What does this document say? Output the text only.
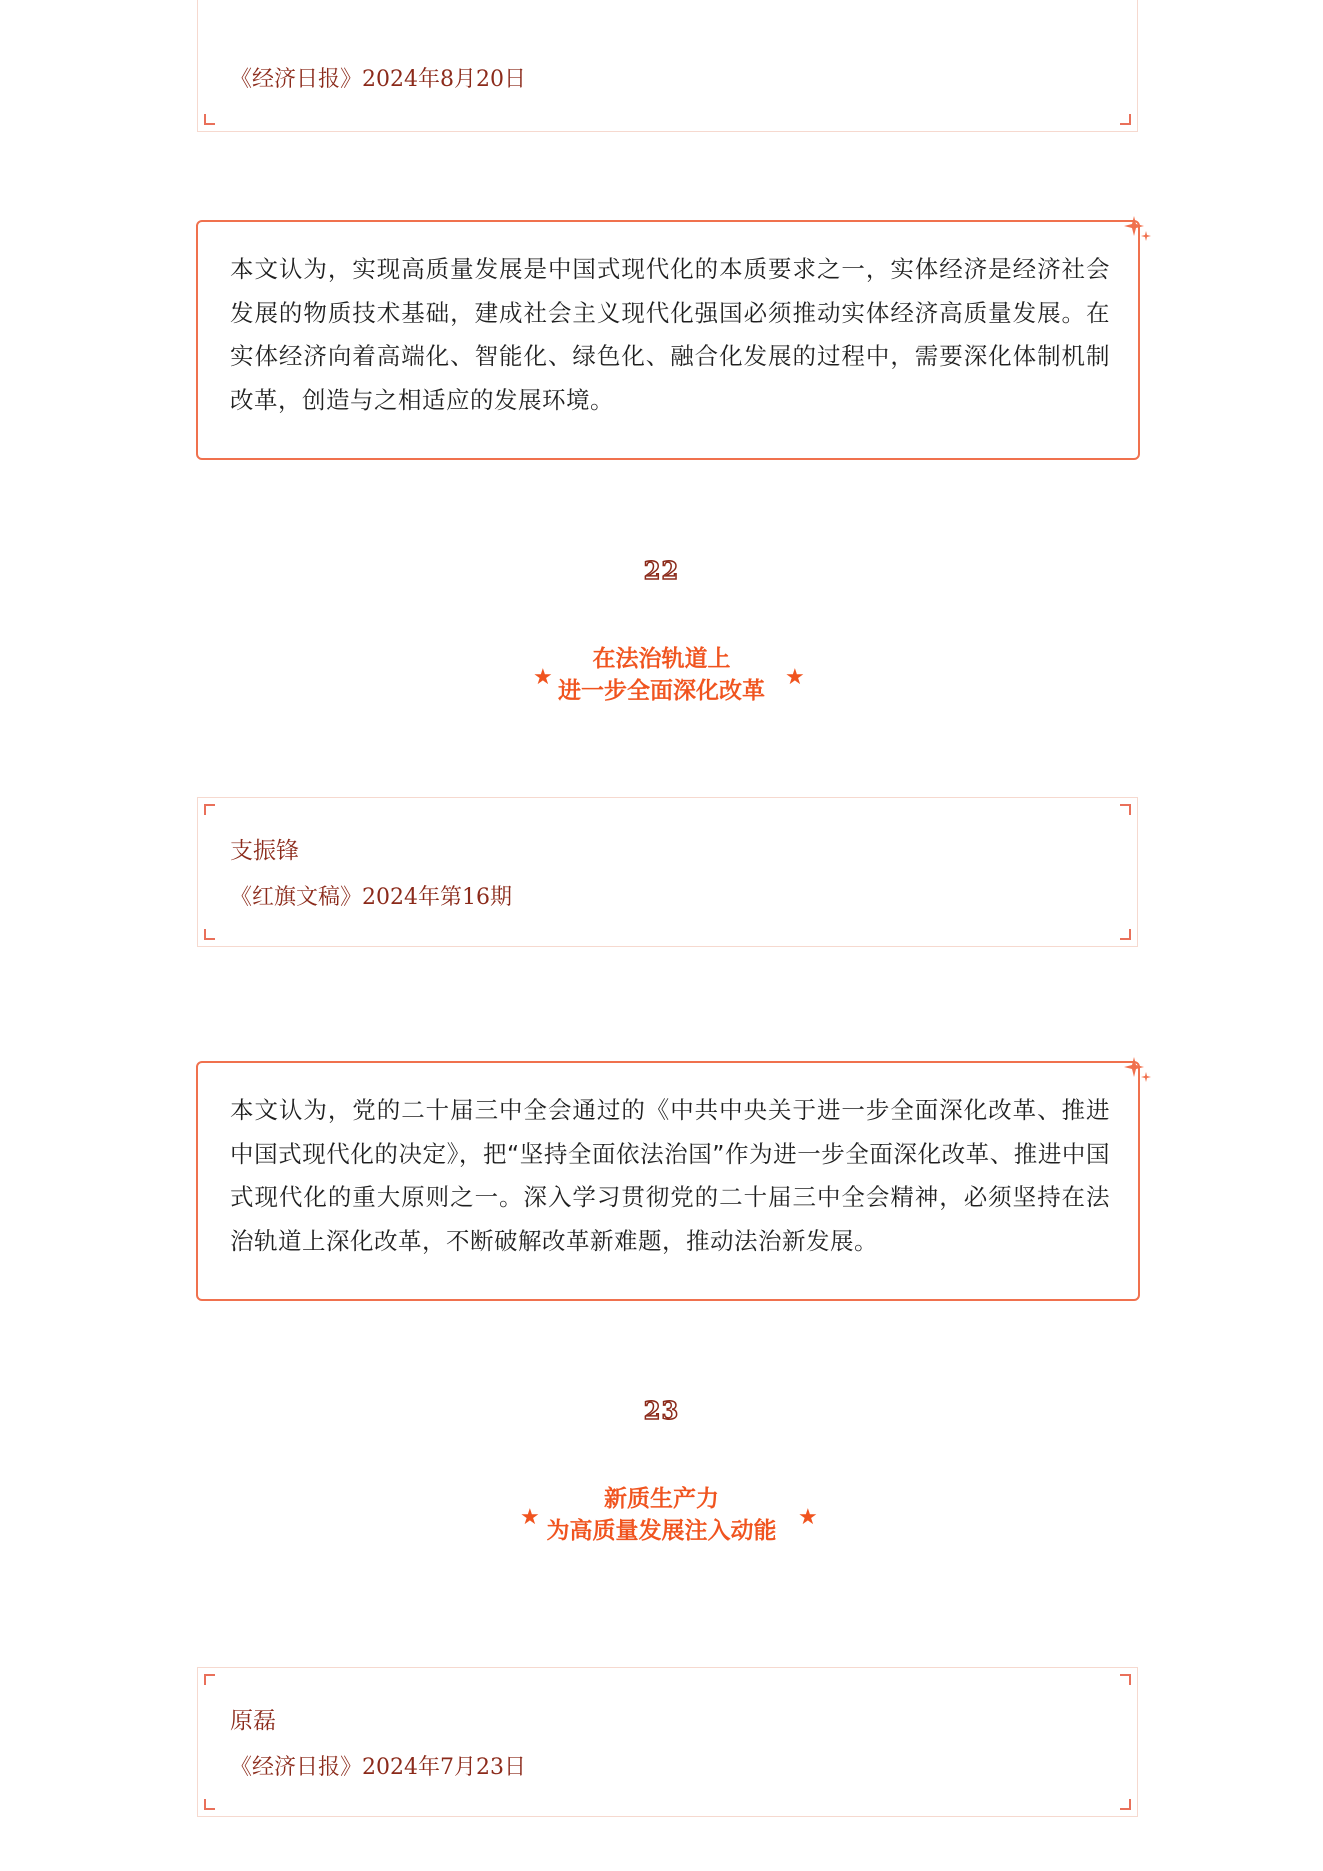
《经济日报》2024年8月20日

本文认为，实现高质量发展是中国式现代化的本质要求之一，实体经济是经济社会发展的物质技术基础，建成社会主义现代化强国必须推动实体经济高质量发展。在实体经济向着高端化、智能化、绿色化、融合化发展的过程中，需要深化体制机制改革，创造与之相适应的发展环境。

22
在法治轨道上
进一步全面深化改革
★	★
支振锋
《红旗文稿》2024年第16期

本文认为，党的二十届三中全会通过的《中共中央关于进一步全面深化改革、推进中国式现代化的决定》，把“坚持全面依法治国”作为进一步全面深化改革、推进中国式现代化的重大原则之一。深入学习贯彻党的二十届三中全会精神，必须坚持在法治轨道上深化改革，不断破解改革新难题，推动法治新发展。

23
新质生产力
为高质量发展注入动能
★	★
原磊
《经济日报》2024年7月23日
